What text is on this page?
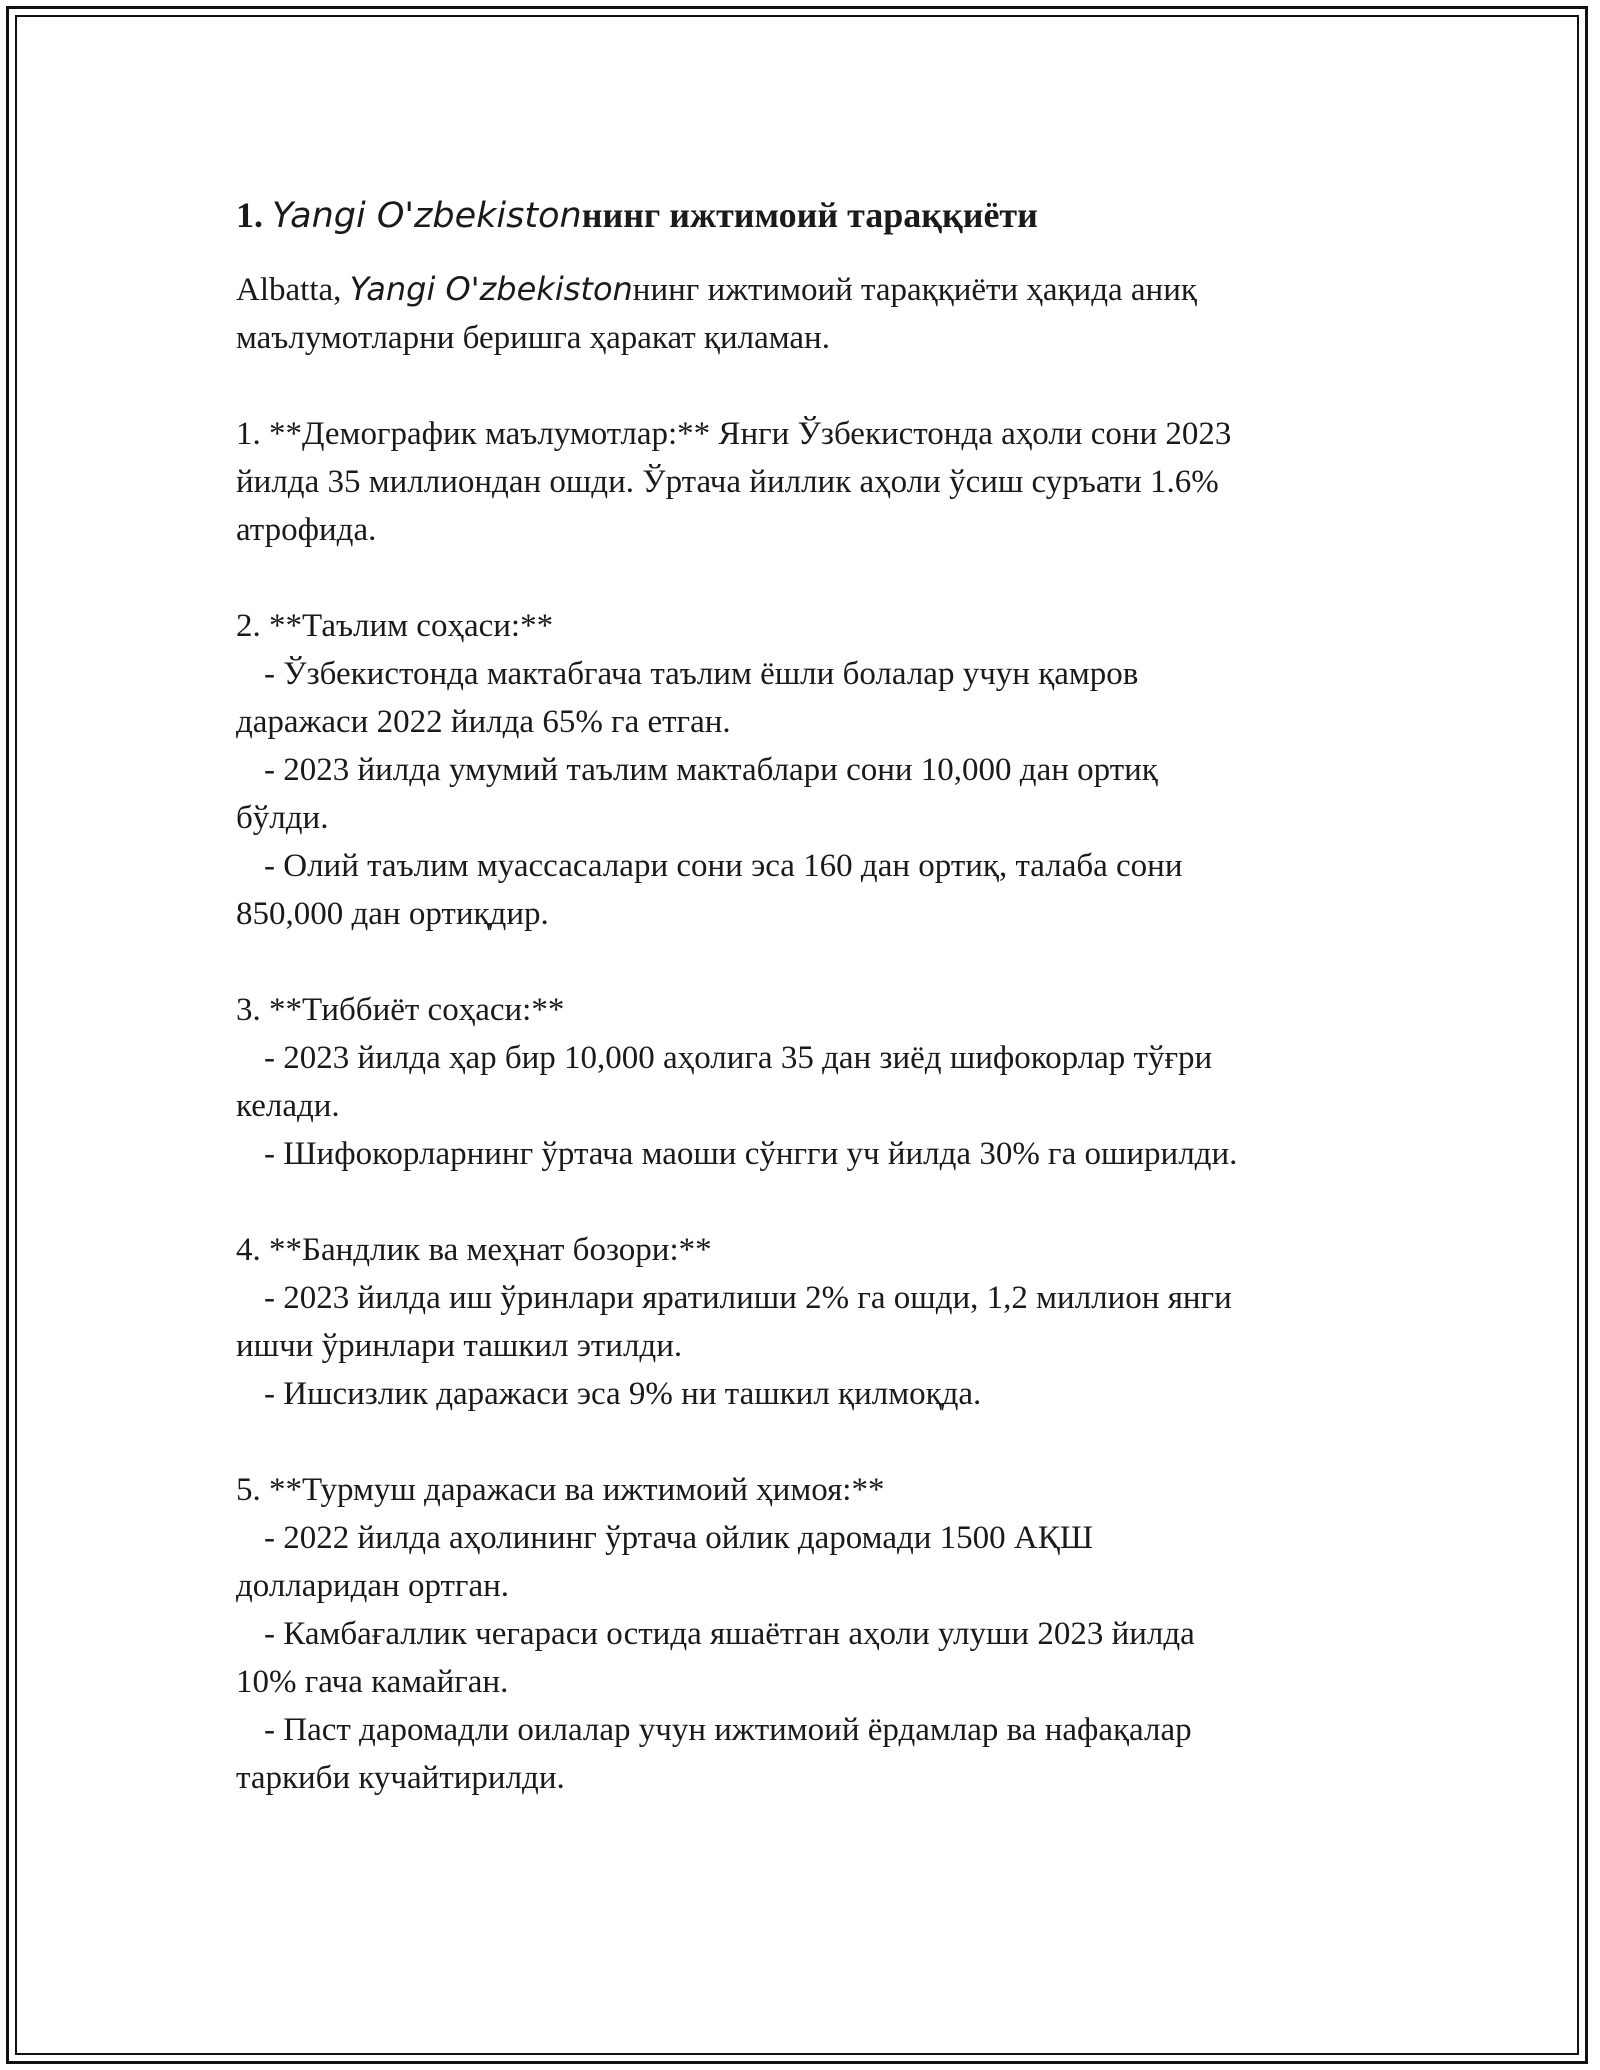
1. Yangi O'zbekistonнинг ижтимоий тараққиёти

Albatta, Yangi O'zbekistonнинг ижтимоий тараққиёти ҳақида аниқ
маълумотларни беришга ҳаракат қиламан.

1. **Демографик маълумотлар:** Янги Ўзбекистонда аҳоли сони 2023
йилда 35 миллиондан ошди. Ўртача йиллик аҳоли ўсиш суръати 1.6%
атрофида.

2. **Таълим соҳаси:**

- Ўзбекистонда мактабгача таълим ёшли болалар учун қамров
даражаси 2022 йилда 65% га етган.

- 2023 йилда умумий таълим мактаблари сони 10,000 дан ортиқ
бўлди.

- Олий таълим муассасалари сони эса 160 дан ортиқ, талаба сони
850,000 дан ортиқдир.

3. **Тиббиёт соҳаси:**

- 2023 йилда ҳар бир 10,000 аҳолига 35 дан зиёд шифокорлар тўғри
келади.

- Шифокорларнинг ўртача маоши сўнгги уч йилда 30% га оширилди.

4. **Бандлик ва меҳнат бозори:**

- 2023 йилда иш ўринлари яратилиши 2% га ошди, 1,2 миллион янги
ишчи ўринлари ташкил этилди.

- Ишсизлик даражаси эса 9% ни ташкил қилмоқда.

5. **Турмуш даражаси ва ижтимоий ҳимоя:**

- 2022 йилда аҳолининг ўртача ойлик даромади 1500 АҚШ
долларидан ортган.

- Камбағаллик чегараси остида яшаётган аҳоли улуши 2023 йилда
10% гача камайган.

- Паст даромадли оилалар учун ижтимоий ёрдамлар ва нафақалар
таркиби кучайтирилди.
